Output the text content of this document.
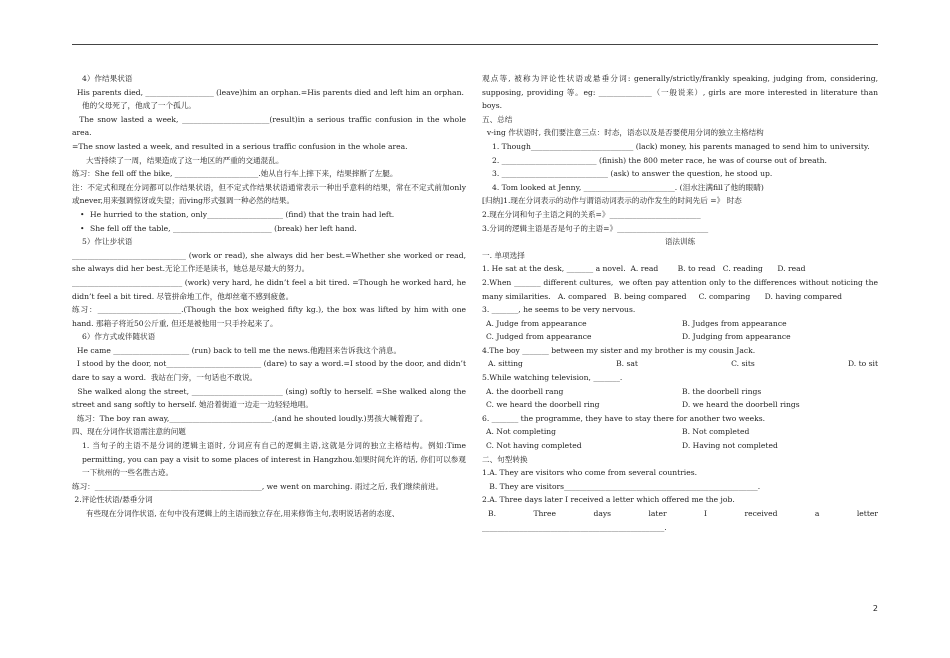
4）作结果状语

His parents died, __________________ (leave)him an orphan.=His parents died and left him an orphan.

他的父母死了，他成了一个孤儿。

The snow lasted a week, _______________________(result)in a serious traffic confusion in the whole area.

=The snow lasted a week, and resulted in a serious traffic confusion in the whole area.

大雪持续了一周，结果造成了这一地区的严重的交通混乱。

练习：She fell off the bike, ______________________.她从自行车上摔下来，结果摔断了左腿。

注：不定式和现在分词都可以作结果状语，但不定式作结果状语通常表示一种出乎意料的结果，常在不定式前加only或never,用来强调惊讶或失望；而ving形式强调一种必然的结果。

• He hurried to the station, only____________________ (find) that the train had left.

• She fell off the table, __________________________ (break) her left hand.

5）作让步状语

______________________________ (work or read), she always did her best.=Whether she worked or read, she always did her best.无论工作还是读书，她总是尽最大的努力。

_____________________________ (work) very hard, he didn’t feel a bit tired. =Though he worked hard, he didn’t feel a bit tired. 尽管拼命地工作，他却丝毫不感到疲惫。

练习：______________________.(Though the box weighed fifty kg.), the box was lifted by him with one hand. 那箱子将近50公斤重, 但还是被他用一只手拎起来了。

6）作方式或伴随状语

He came ____________________ (run) back to tell me the news.他跑回来告诉我这个消息。

I stood by the door, not_________________________ (dare) to say a word.=I stood by the door, and didn’t dare to say a word.  我站在门旁，一句话也不敢说。

She walked along the street, ________________________ (sing) softly to herself. =She walked along the street and sang softly to herself. 她沿着街道一边走一边轻轻地唱。

练习：The boy ran away,___________________________.(and he shouted loudly.)男孩大喊着跑了。

四、现在分词作状语需注意的问题

1. 当句子的主语不是分词的逻辑主语时, 分词应有自己的逻辑主语,这就是分词的独立主格结构。例如:Time permitting, you can pay a visit to some places of interest in Hangzhou.如果时间允许的话, 你们可以参观一下杭州的一些名胜古迹。

练习：____________________________________________, we went on marching. 雨过之后, 我们继续前进。

2.评论性状语/悬垂分词

有些现在分词作状语, 在句中没有逻辑上的主语而独立存在,用来修饰主句,表明说话者的态度、

观点等, 被称为评论性状语或悬垂分词: generally/strictly/frankly speaking, judging from, considering, supposing, providing 等。eg: ______________（一般说来）, girls are more interested in literature than boys.

五、总结

v-ing 作状语时, 我们要注意三点：时态，语态以及是否要使用分词的独立主格结构

1. Though___________________________ (lack) money, his parents managed to send him to university.

2. _________________________ (finish) the 800 meter race, he was of course out of breath.

3. ____________________________ (ask) to answer the question, he stood up.

4. Tom looked at Jenny, ________________________. (泪水注满fill了他的眼睛)

[归纳]1.现在分词表示的动作与谓语动词表示的动作发生的时间先后 =》 时态

2.现在分词和句子主语之间的关系=》________________________

3.分词的逻辑主语是否是句子的主语=》________________________

语法训练

一. 单项选择

1. He sat at the desk, _______ a novel.  A. read        B. to read   C. reading      D. read

2.When _______ different cultures,  we often pay attention only to the differences without noticing the many similarities.   A. compared   B. being compared     C. comparing      D. having compared

3. _______, he seems to be very nervous.

A. Judge from appearance	B. Judges from appearance
C. Judged from appearance	D. Judging from appearance

4.The boy _______ between my sister and my brother is my cousin Jack.

A. sitting	B. sat	C. sits	D. to sit

5.While watching television, _______.

A. the doorbell rang	B. the doorbell rings
C. we heard the doorbell ring	D. we heard the doorbell rings

6. _______ the programme, they have to stay there for another two weeks.

A. Not completing	B. Not completed
C. Not having completed	D. Having not completed

二、句型转换

1.A. They are visitors who come from several countries.

B. They are visitors___________________________________________________.

2.A. Three days later I received a letter which offered me the job.

B.	Three	days	later	I	received	a	letter

________________________________________________.

2
